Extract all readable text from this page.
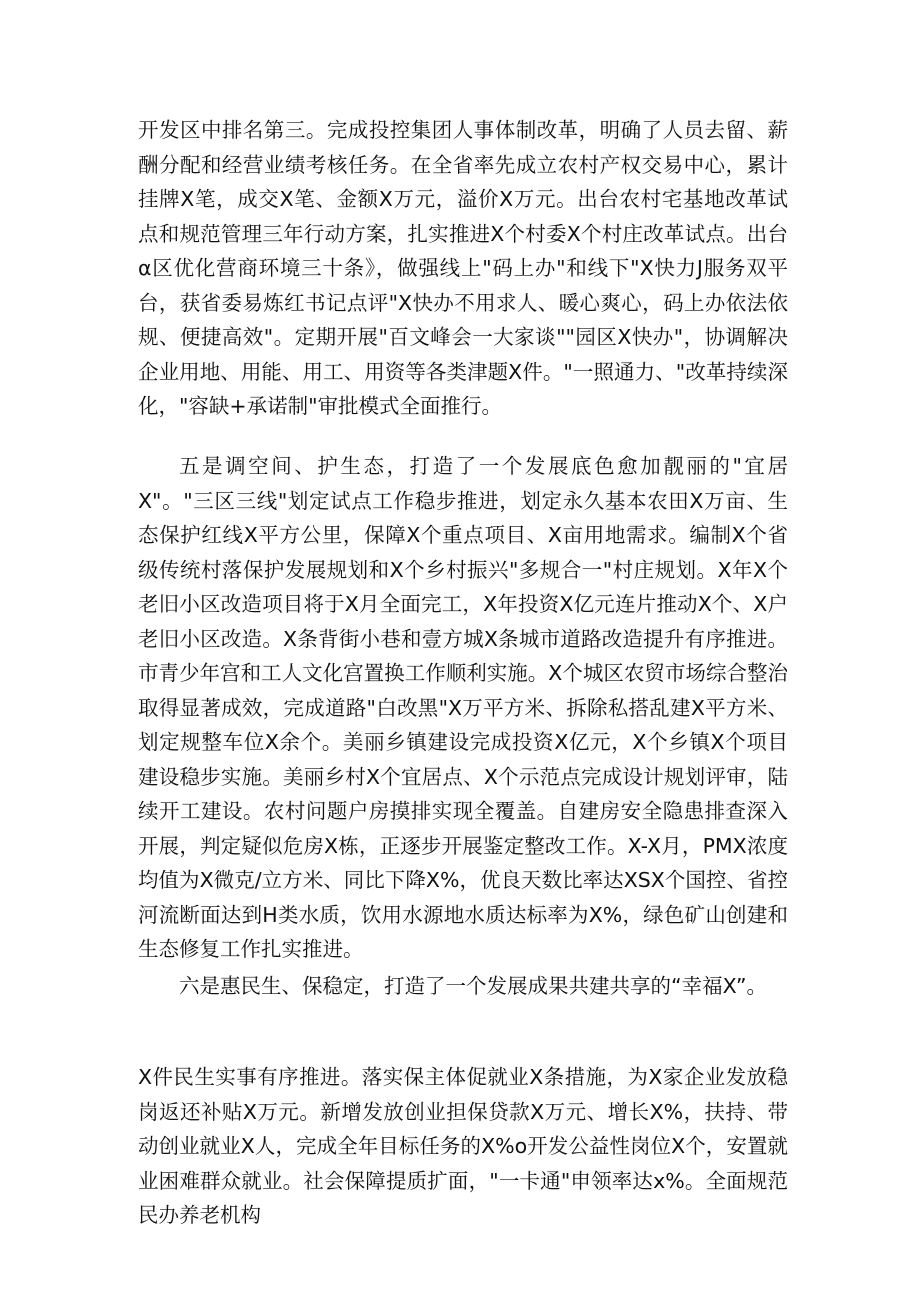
开发区中排名第三。完成投控集团人事体制改革，明确了人员去留、薪酬分配和经营业绩考核任务。在全省率先成立农村产权交易中心，累计挂牌X笔，成交X笔、金额X万元，溢价X万元。出台农村宅基地改革试点和规范管理三年行动方案，扎实推进X个村委X个村庄改革试点。出台α区优化营商环境三十条》，做强线上"码上办"和线下"X快力J服务双平台，获省委易炼红书记点评"X快办不用求人、暖心爽心，码上办依法依规、便捷高效"。定期开展"百文峰会一大家谈""园区X快办"，协调解决企业用地、用能、用工、用资等各类津题X件。"一照通力、"改革持续深化，"容缺+承诺制"审批模式全面推行。

五是调空间、护生态，打造了一个发展底色愈加靓丽的"宜居X"。"三区三线"划定试点工作稳步推进，划定永久基本农田X万亩、生态保护红线X平方公里，保障X个重点项目、X亩用地需求。编制X个省级传统村落保护发展规划和X个乡村振兴"多规合一"村庄规划。X年X个老旧小区改造项目将于X月全面完工，X年投资X亿元连片推动X个、X户老旧小区改造。X条背街小巷和壹方城X条城市道路改造提升有序推进。市青少年宫和工人文化宫置换工作顺利实施。X个城区农贸市场综合整治取得显著成效，完成道路"白改黑"X万平方米、拆除私搭乱建X平方米、划定规整车位X余个。美丽乡镇建设完成投资X亿元，X个乡镇X个项目建设稳步实施。美丽乡村X个宜居点、X个示范点完成设计规划评审，陆续开工建设。农村问题户房摸排实现全覆盖。自建房安全隐患排查深入开展，判定疑似危房X栋，正逐步开展鉴定整改工作。X-X月，PMX浓度均值为X微克/立方米、同比下降X%，优良天数比率达XSX个国控、省控河流断面达到H类水质，饮用水源地水质达标率为X%，绿色矿山创建和生态修复工作扎实推进。

六是惠民生、保稳定，打造了一个发展成果共建共享的“幸福X”。

X件民生实事有序推进。落实保主体促就业X条措施，为X家企业发放稳岗返还补贴X万元。新增发放创业担保贷款X万元、增长X%，扶持、带动创业就业X人，完成全年目标任务的X%o开发公益性岗位X个，安置就业困难群众就业。社会保障提质扩面，"一卡通"申领率达x%。全面规范民办养老机构
